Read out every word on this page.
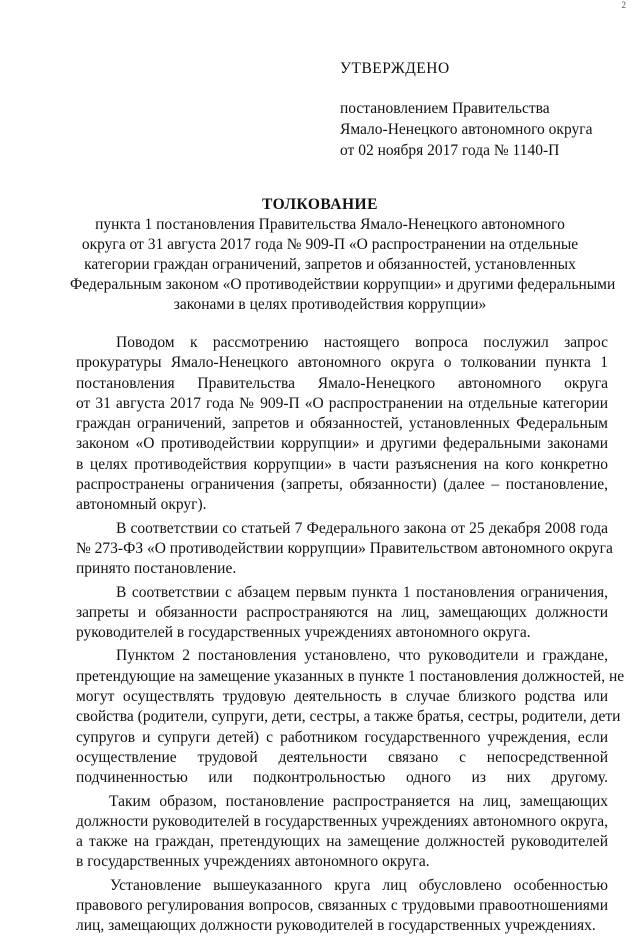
2
УТВЕРЖДЕНО
постановлением Правительства
Ямало-Ненецкого автономного округа
от 02 ноября 2017 года № 1140-П
ТОЛКОВАНИЕ
пункта 1 постановления Правительства Ямало-Ненецкого автономного
округа от 31 августа 2017 года № 909-П «О распространении на отдельные
категории граждан ограничений, запретов и обязанностей, установленных
Федеральным законом «О противодействии коррупции» и другими федеральными
законами в целях противодействия коррупции»
Поводом к рассмотрению настоящего вопроса послужил запрос
прокуратуры Ямало-Ненецкого автономного округа о толковании пункта 1
постановления Правительства Ямало-Ненецкого автономного округа
от 31 августа 2017 года № 909-П «О распространении на отдельные категории
граждан ограничений, запретов и обязанностей, установленных Федеральным
законом «О противодействии коррупции» и другими федеральными законами
в целях противодействия коррупции» в части разъяснения на кого конкретно
распространены ограничения (запреты, обязанности) (далее – постановление,
автономный округ).
В соответствии со статьей 7 Федерального закона от 25 декабря 2008 года
№ 273-ФЗ «О противодействии коррупции» Правительством автономного округа
принято постановление.
В соответствии с абзацем первым пункта 1 постановления ограничения,
запреты и обязанности распространяются на лиц, замещающих должности
руководителей в государственных учреждениях автономного округа.
Пунктом 2 постановления установлено, что руководители и граждане,
претендующие на замещение указанных в пункте 1 постановления должностей, не
могут осуществлять трудовую деятельность в случае близкого родства или
свойства (родители, супруги, дети, сестры, а также братья, сестры, родители, дети
супругов и супруги детей) с работником государственного учреждения, если
осуществление трудовой деятельности связано с непосредственной
подчиненностью или подконтрольностью одного из них другому.
Таким образом, постановление распространяется на лиц, замещающих
должности руководителей в государственных учреждениях автономного округа,
а также на граждан, претендующих на замещение должностей руководителей
в государственных учреждениях автономного округа.
Установление вышеуказанного круга лиц обусловлено особенностью
правового регулирования вопросов, связанных с трудовыми правоотношениями
лиц, замещающих должности руководителей в государственных учреждениях.
